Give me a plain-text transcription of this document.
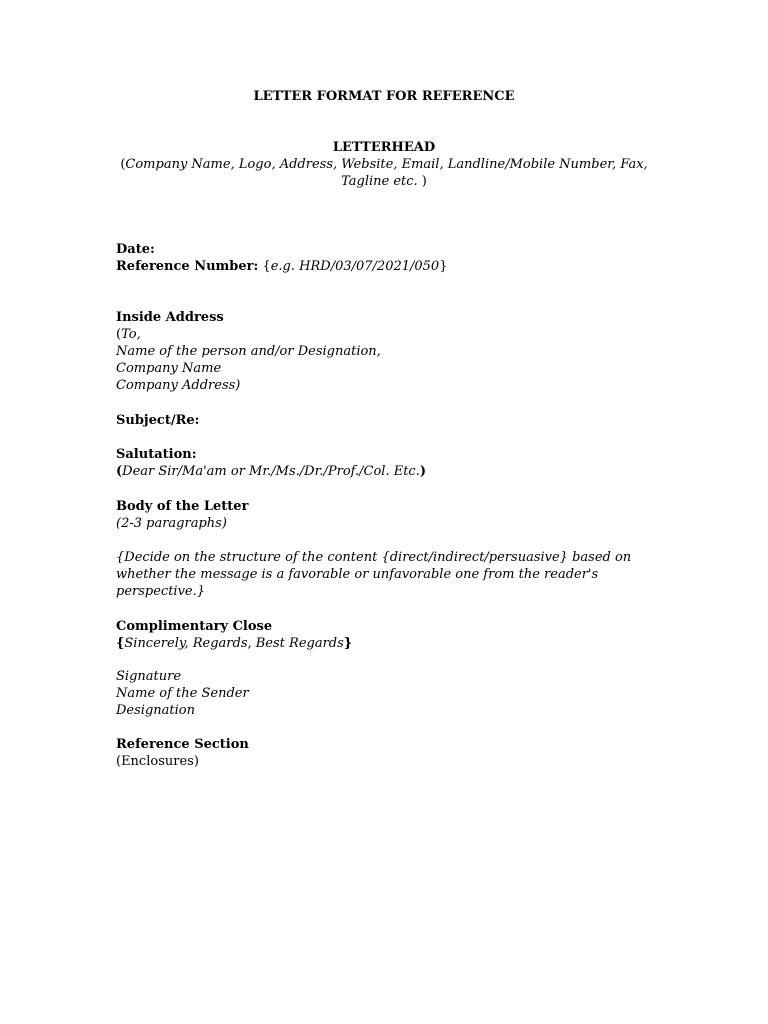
LETTER FORMAT FOR REFERENCE
LETTERHEAD
(Company Name, Logo, Address, Website, Email, Landline/Mobile Number, Fax,
Tagline etc. )
Date:
Reference Number: {e.g. HRD/03/07/2021/050}
Inside Address
(To,
Name of the person and/or Designation,
Company Name
Company Address)
Subject/Re:
Salutation:
(Dear Sir/Ma'am or Mr./Ms./Dr./Prof./Col. Etc.)
Body of the Letter
(2-3 paragraphs)
{Decide on the structure of the content {direct/indirect/persuasive} based on
whether the message is a favorable or unfavorable one from the reader's
perspective.}
Complimentary Close
{Sincerely, Regards, Best Regards}
Signature
Name of the Sender
Designation
Reference Section
(Enclosures)
